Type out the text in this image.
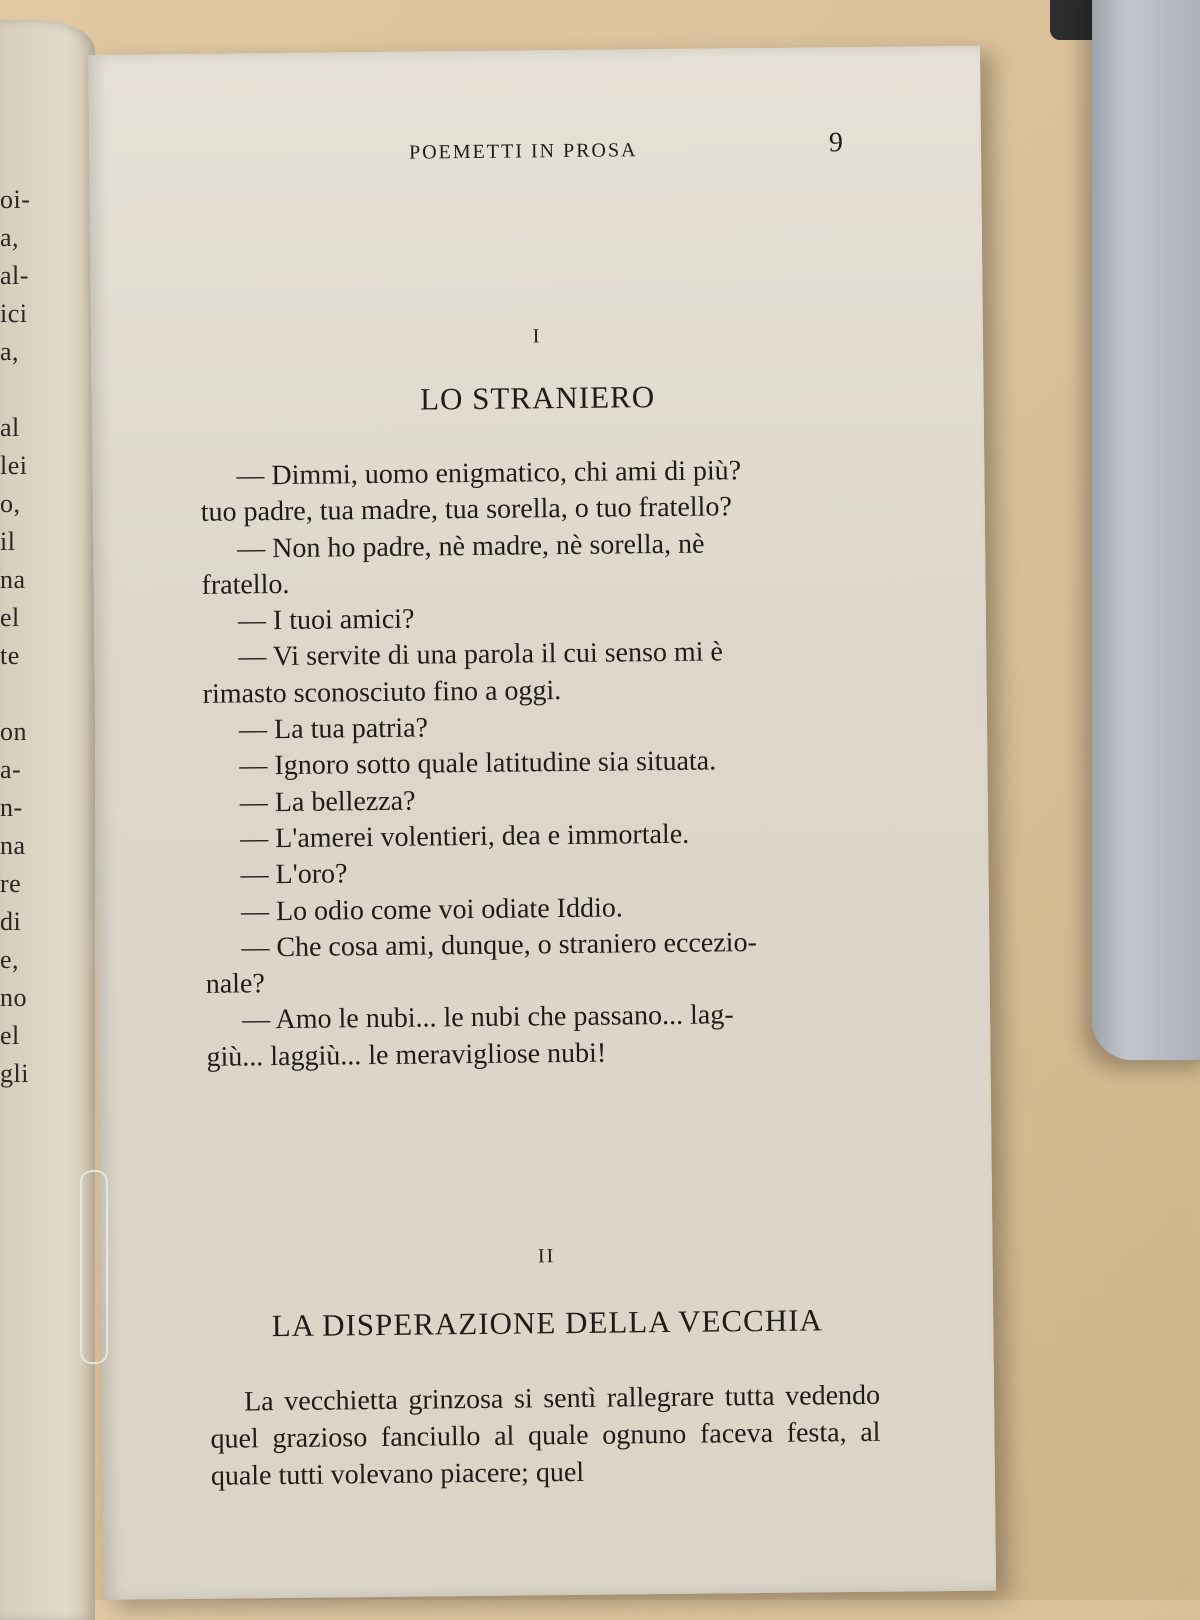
oi-
a,
al-
ici
a,
al
lei
o,
il
na
el
te
on
a-
n-
na
re
di
e,
no
el
gli
POEMETTI IN PROSA	9
I
LO STRANIERO
— Dimmi, uomo enigmatico, chi ami di più?
tuo padre, tua madre, tua sorella, o tuo fratello?
— Non ho padre, nè madre, nè sorella, nè
fratello.
— I tuoi amici?
— Vi servite di una parola il cui senso mi è
rimasto sconosciuto fino a oggi.
— La tua patria?
— Ignoro sotto quale latitudine sia situata.
— La bellezza?
— L'amerei volentieri, dea e immortale.
— L'oro?
— Lo odio come voi odiate Iddio.
— Che cosa ami, dunque, o straniero eccezio-
nale?
— Amo le nubi... le nubi che passano... lag-
giù... laggiù... le meravigliose nubi!
II
LA DISPERAZIONE DELLA VECCHIA

La vecchietta grinzosa si sentì rallegrare tutta vedendo quel grazioso fanciullo al quale ognuno faceva festa, al quale tutti volevano piacere; quel
